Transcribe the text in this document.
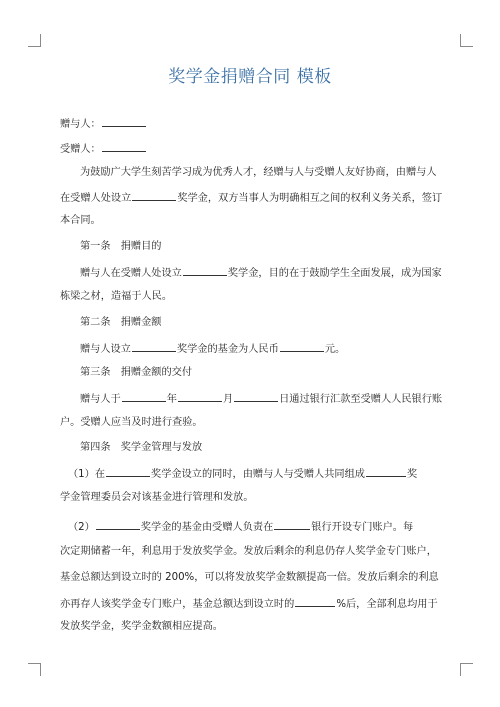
奖学金捐赠合同 模板
赠与人：
受赠人：
为鼓励广大学生刻苦学习成为优秀人才，经赠与人与受赠人友好协商，由赠与人
在受赠人处设立	奖学金，双方当事人为明确相互之间的权利义务关系，签订
本合同。
第一条　捐赠目的
赠与人在受赠人处设立	奖学金，目的在于鼓励学生全面发展，成为国家
栋梁之材，造福于人民。
第二条　捐赠金额
赠与人设立	奖学金的基金为人民币	元。
第三条　捐赠金额的交付
赠与人于	年	月	日通过银行汇款至受赠人人民银行账
户。受赠人应当及时进行查验。
第四条　奖学金管理与发放
（1）在	奖学金设立的同时，由赠与人与受赠人共同组成	奖
学金管理委员会对该基金进行管理和发放。
（2）	奖学金的基金由受赠人负责在	银行开设专门账户。每
次定期储蓄一年，利息用于发放奖学金。发放后剩余的利息仍存人奖学金专门账户，
基金总额达到设立时的 200%，可以将发放奖学金数额提高一倍。发放后剩余的利息
亦再存人该奖学金专门账户，基金总额达到设立时的	%后，全部利息均用于
发放奖学金，奖学金数额相应提高。
